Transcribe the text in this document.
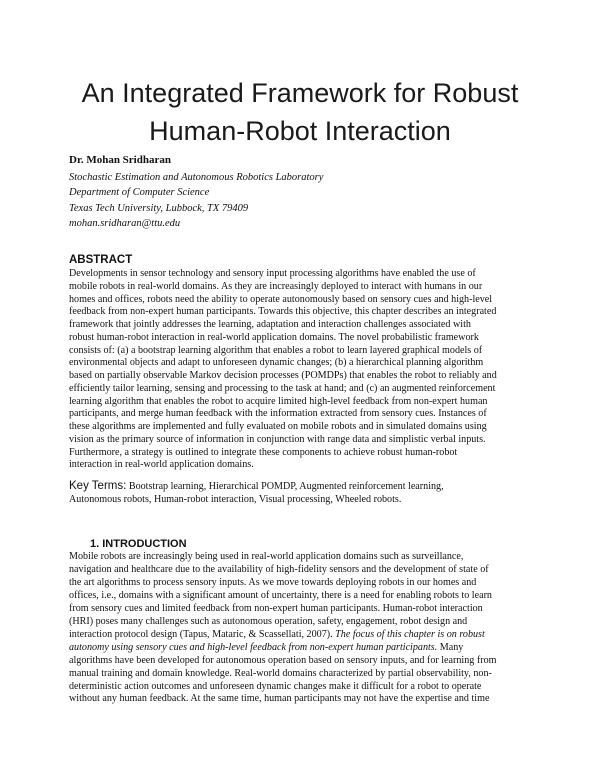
An Integrated Framework for Robust
Human-Robot Interaction
Dr. Mohan Sridharan
Stochastic Estimation and Autonomous Robotics Laboratory
Department of Computer Science
Texas Tech University, Lubbock, TX 79409
mohan.sridharan@ttu.edu
ABSTRACT
Developments in sensor technology and sensory input processing algorithms have enabled the use of
mobile robots in real-world domains. As they are increasingly deployed to interact with humans in our
homes and offices, robots need the ability to operate autonomously based on sensory cues and high-level
feedback from non-expert human participants. Towards this objective, this chapter describes an integrated
framework that jointly addresses the learning, adaptation and interaction challenges associated with
robust human-robot interaction in real-world application domains. The novel probabilistic framework
consists of: (a) a bootstrap learning algorithm that enables a robot to learn layered graphical models of
environmental objects and adapt to unforeseen dynamic changes; (b) a hierarchical planning algorithm
based on partially observable Markov decision processes (POMDPs) that enables the robot to reliably and
efficiently tailor learning, sensing and processing to the task at hand; and (c) an augmented reinforcement
learning algorithm that enables the robot to acquire limited high-level feedback from non-expert human
participants, and merge human feedback with the information extracted from sensory cues. Instances of
these algorithms are implemented and fully evaluated on mobile robots and in simulated domains using
vision as the primary source of information in conjunction with range data and simplistic verbal inputs.
Furthermore, a strategy is outlined to integrate these components to achieve robust human-robot
interaction in real-world application domains.
Key Terms: Bootstrap learning, Hierarchical POMDP, Augmented reinforcement learning,
Autonomous robots, Human-robot interaction, Visual processing, Wheeled robots.
1. INTRODUCTION
Mobile robots are increasingly being used in real-world application domains such as surveillance,
navigation and healthcare due to the availability of high-fidelity sensors and the development of state of
the art algorithms to process sensory inputs. As we move towards deploying robots in our homes and
offices, i.e., domains with a significant amount of uncertainty, there is a need for enabling robots to learn
from sensory cues and limited feedback from non-expert human participants. Human-robot interaction
(HRI) poses many challenges such as autonomous operation, safety, engagement, robot design and
interaction protocol design (Tapus, Mataric, & Scassellati, 2007). The focus of this chapter is on robust
autonomy using sensory cues and high-level feedback from non-expert human participants. Many
algorithms have been developed for autonomous operation based on sensory inputs, and for learning from
manual training and domain knowledge. Real-world domains characterized by partial observability, non-
deterministic action outcomes and unforeseen dynamic changes make it difficult for a robot to operate
without any human feedback. At the same time, human participants may not have the expertise and time
